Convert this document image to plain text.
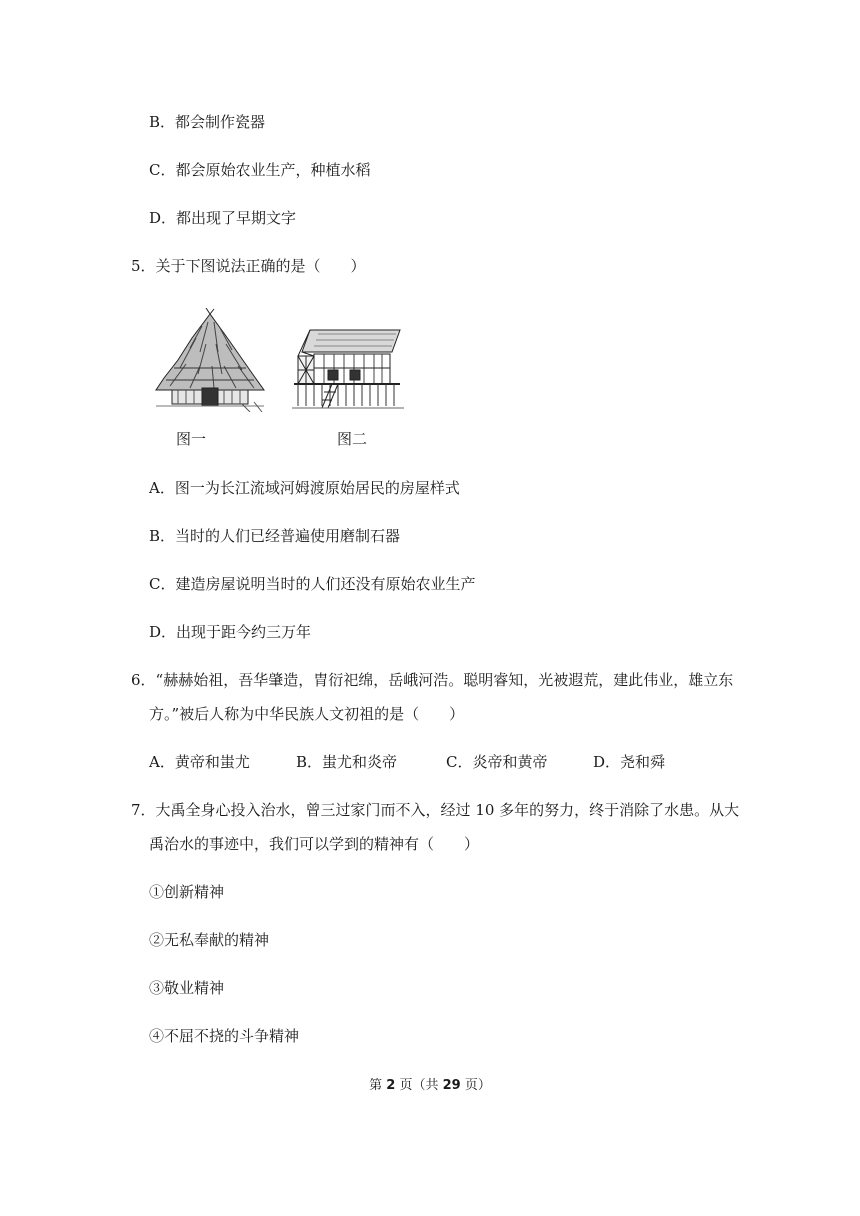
B．都会制作瓷器
C．都会原始农业生产，种植水稻
D．都出现了早期文字
5．关于下图说法正确的是（　　）
图一	图二
A．图一为长江流域河姆渡原始居民的房屋样式
B．当时的人们已经普遍使用磨制石器
C．建造房屋说明当时的人们还没有原始农业生产
D．出现于距今约三万年
6．“赫赫始祖，吾华肇造，胄衍祀绵，岳峨河浩。聪明睿知，光被遐荒，建此伟业，雄立东
方。”被后人称为中华民族人文初祖的是（　　）
A．黄帝和蚩尤	B．蚩尤和炎帝	C．炎帝和黄帝	D．尧和舜
7．大禹全身心投入治水，曾三过家门而不入，经过 10 多年的努力，终于消除了水患。从大
禹治水的事迹中，我们可以学到的精神有（　　）
①创新精神
②无私奉献的精神
③敬业精神
④不屈不挠的斗争精神
第 2 页（共 29 页）
